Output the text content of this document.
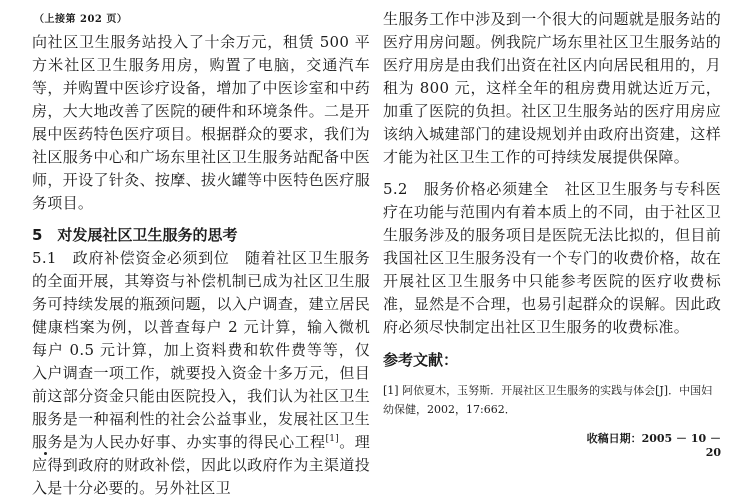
（上接第 202 页）
向社区卫生服务站投入了十余万元，租赁 500 平方米社区卫生服务用房，购置了电脑，交通汽车等，并购置中医诊疗设备，增加了中医诊室和中药房，大大地改善了医院的硬件和环境条件。二是开展中医药特色医疗项目。根据群众的要求，我们为社区服务中心和广场东里社区卫生服务站配备中医师，开设了针灸、按摩、拔火罐等中医特色医疗服务项目。
5　对发展社区卫生服务的思考
5.1　政府补偿资金必须到位　随着社区卫生服务的全面开展，其筹资与补偿机制已成为社区卫生服务可持续发展的瓶颈问题，以入户调查，建立居民健康档案为例，以普查每户 2 元计算，输入微机每户 0.5 元计算，加上资料费和软件费等等，仅入户调查一项工作，就要投入资金十多万元，但目前这部分资金只能由医院投入，我们认为社区卫生服务是一种福利性的社会公益事业，发展社区卫生服务是为人民办好事、办实事的得民心工程[1]。理应得到政府的财政补偿，因此以政府作为主渠道投入是十分必要的。另外社区卫
生服务工作中涉及到一个很大的问题就是服务站的医疗用房问题。例我院广场东里社区卫生服务站的医疗用房是由我们出资在社区内向居民租用的，月租为 800 元，这样全年的租房费用就达近万元，加重了医院的负担。社区卫生服务站的医疗用房应该纳入城建部门的建设规划并由政府出资建，这样才能为社区卫生工作的可持续发展提供保障。
5.2　服务价格必须建全　社区卫生服务与专科医疗在功能与范围内有着本质上的不同，由于社区卫生服务涉及的服务项目是医院无法比拟的，但目前我国社区卫生服务没有一个专门的收费价格，故在开展社区卫生服务中只能参考医院的医疗收费标准，显然是不合理，也易引起群众的误解。因此政府必须尽快制定出社区卫生服务的收费标准。
参考文献：
[1] 阿依夏木，玉努斯．开展社区卫生服务的实践与体会[J]．中国妇幼保健，2002，17:662．
收稿日期：2005 － 10 － 20
